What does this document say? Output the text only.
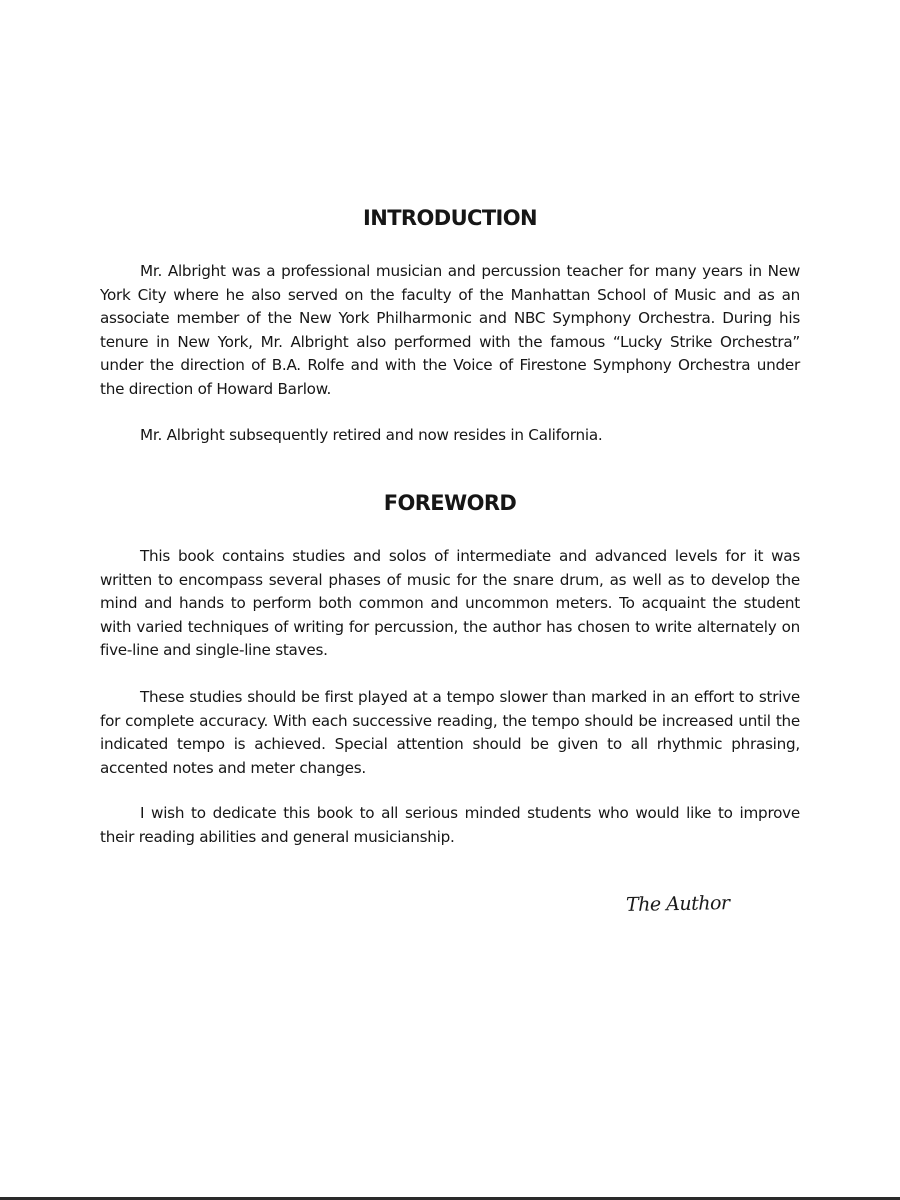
INTRODUCTION

Mr. Albright was a professional musician and percussion teacher for many years in New York City where he also served on the faculty of the Manhattan School of Music and as an associate member of the New York Philharmonic and NBC Symphony Orchestra. During his tenure in New York, Mr. Albright also performed with the famous “Lucky Strike Orchestra” under the direction of B.A. Rolfe and with the Voice of Firestone Symphony Orchestra under the direction of Howard Barlow.

Mr. Albright subsequently retired and now resides in California.

FOREWORD

This book contains studies and solos of intermediate and advanced levels for it was written to encompass several phases of music for the snare drum, as well as to develop the mind and hands to perform both common and uncommon meters. To acquaint the student with varied techniques of writing for percussion, the author has chosen to write alternately on five-line and single-line staves.

These studies should be first played at a tempo slower than marked in an effort to strive for complete accuracy. With each successive reading, the tempo should be increased until the indicated tempo is achieved. Special attention should be given to all rhythmic phrasing, accented notes and meter changes.

I wish to dedicate this book to all serious minded students who would like to improve their reading abilities and general musicianship.

The Author
